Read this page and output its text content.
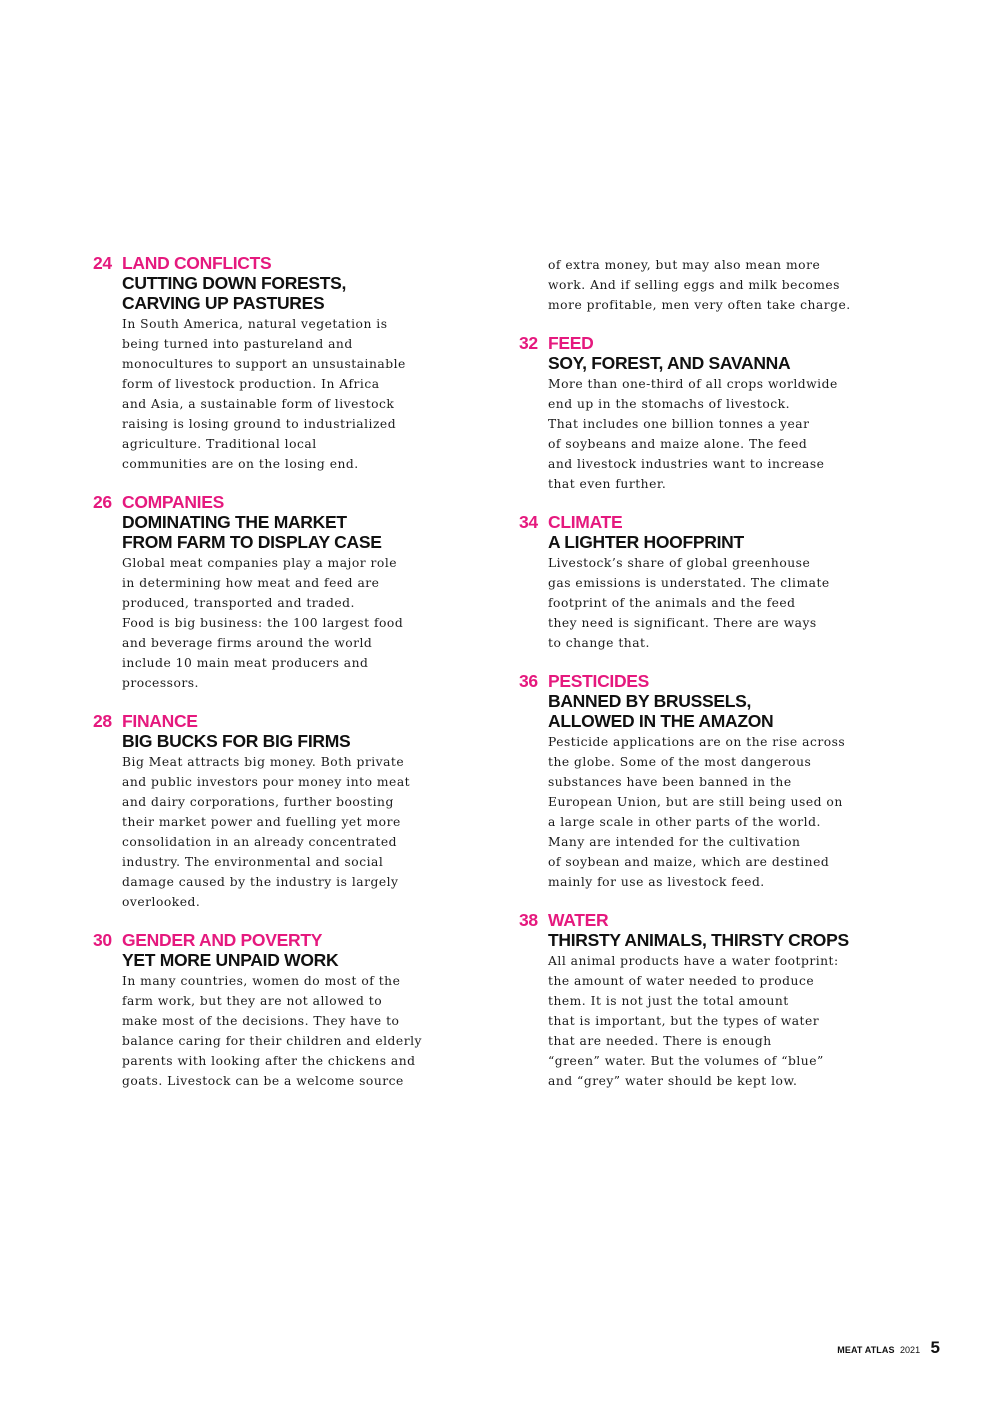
24 LAND CONFLICTS
CUTTING DOWN FORESTS,
CARVING UP PASTURES
In South America, natural vegetation is
being turned into pastureland and
monocultures to support an unsustainable
form of livestock production. In Africa
and Asia, a sustainable form of livestock
raising is losing ground to industrialized
agriculture. Traditional local
communities are on the losing end.
26 COMPANIES
DOMINATING THE MARKET
FROM FARM TO DISPLAY CASE
Global meat companies play a major role
in determining how meat and feed are
produced, transported and traded.
Food is big business: the 100 largest food
and beverage firms around the world
include 10 main meat producers and
processors.
28 FINANCE
BIG BUCKS FOR BIG FIRMS
Big Meat attracts big money. Both private
and public investors pour money into meat
and dairy corporations, further boosting
their market power and fuelling yet more
consolidation in an already concentrated
industry. The environmental and social
damage caused by the industry is largely
overlooked.
30 GENDER AND POVERTY
YET MORE UNPAID WORK
In many countries, women do most of the
farm work, but they are not allowed to
make most of the decisions. They have to
balance caring for their children and elderly
parents with looking after the chickens and
goats. Livestock can be a welcome source
of extra money, but may also mean more
work. And if selling eggs and milk becomes
more profitable, men very often take charge.
32 FEED
SOY, FOREST, AND SAVANNA
More than one-third of all crops worldwide
end up in the stomachs of livestock.
That includes one billion tonnes a year
of soybeans and maize alone. The feed
and livestock industries want to increase
that even further.
34 CLIMATE
A LIGHTER HOOFPRINT
Livestock’s share of global greenhouse
gas emissions is understated. The climate
footprint of the animals and the feed
they need is significant. There are ways
to change that.
36 PESTICIDES
BANNED BY BRUSSELS,
ALLOWED IN THE AMAZON
Pesticide applications are on the rise across
the globe. Some of the most dangerous
substances have been banned in the
European Union, but are still being used on
a large scale in other parts of the world.
Many are intended for the cultivation
of soybean and maize, which are destined
mainly for use as livestock feed.
38 WATER
THIRSTY ANIMALS, THIRSTY CROPS
All animal products have a water footprint:
the amount of water needed to produce
them. It is not just the total amount
that is important, but the types of water
that are needed. There is enough
“green” water. But the volumes of “blue”
and “grey” water should be kept low.
MEAT ATLAS 2021 5
